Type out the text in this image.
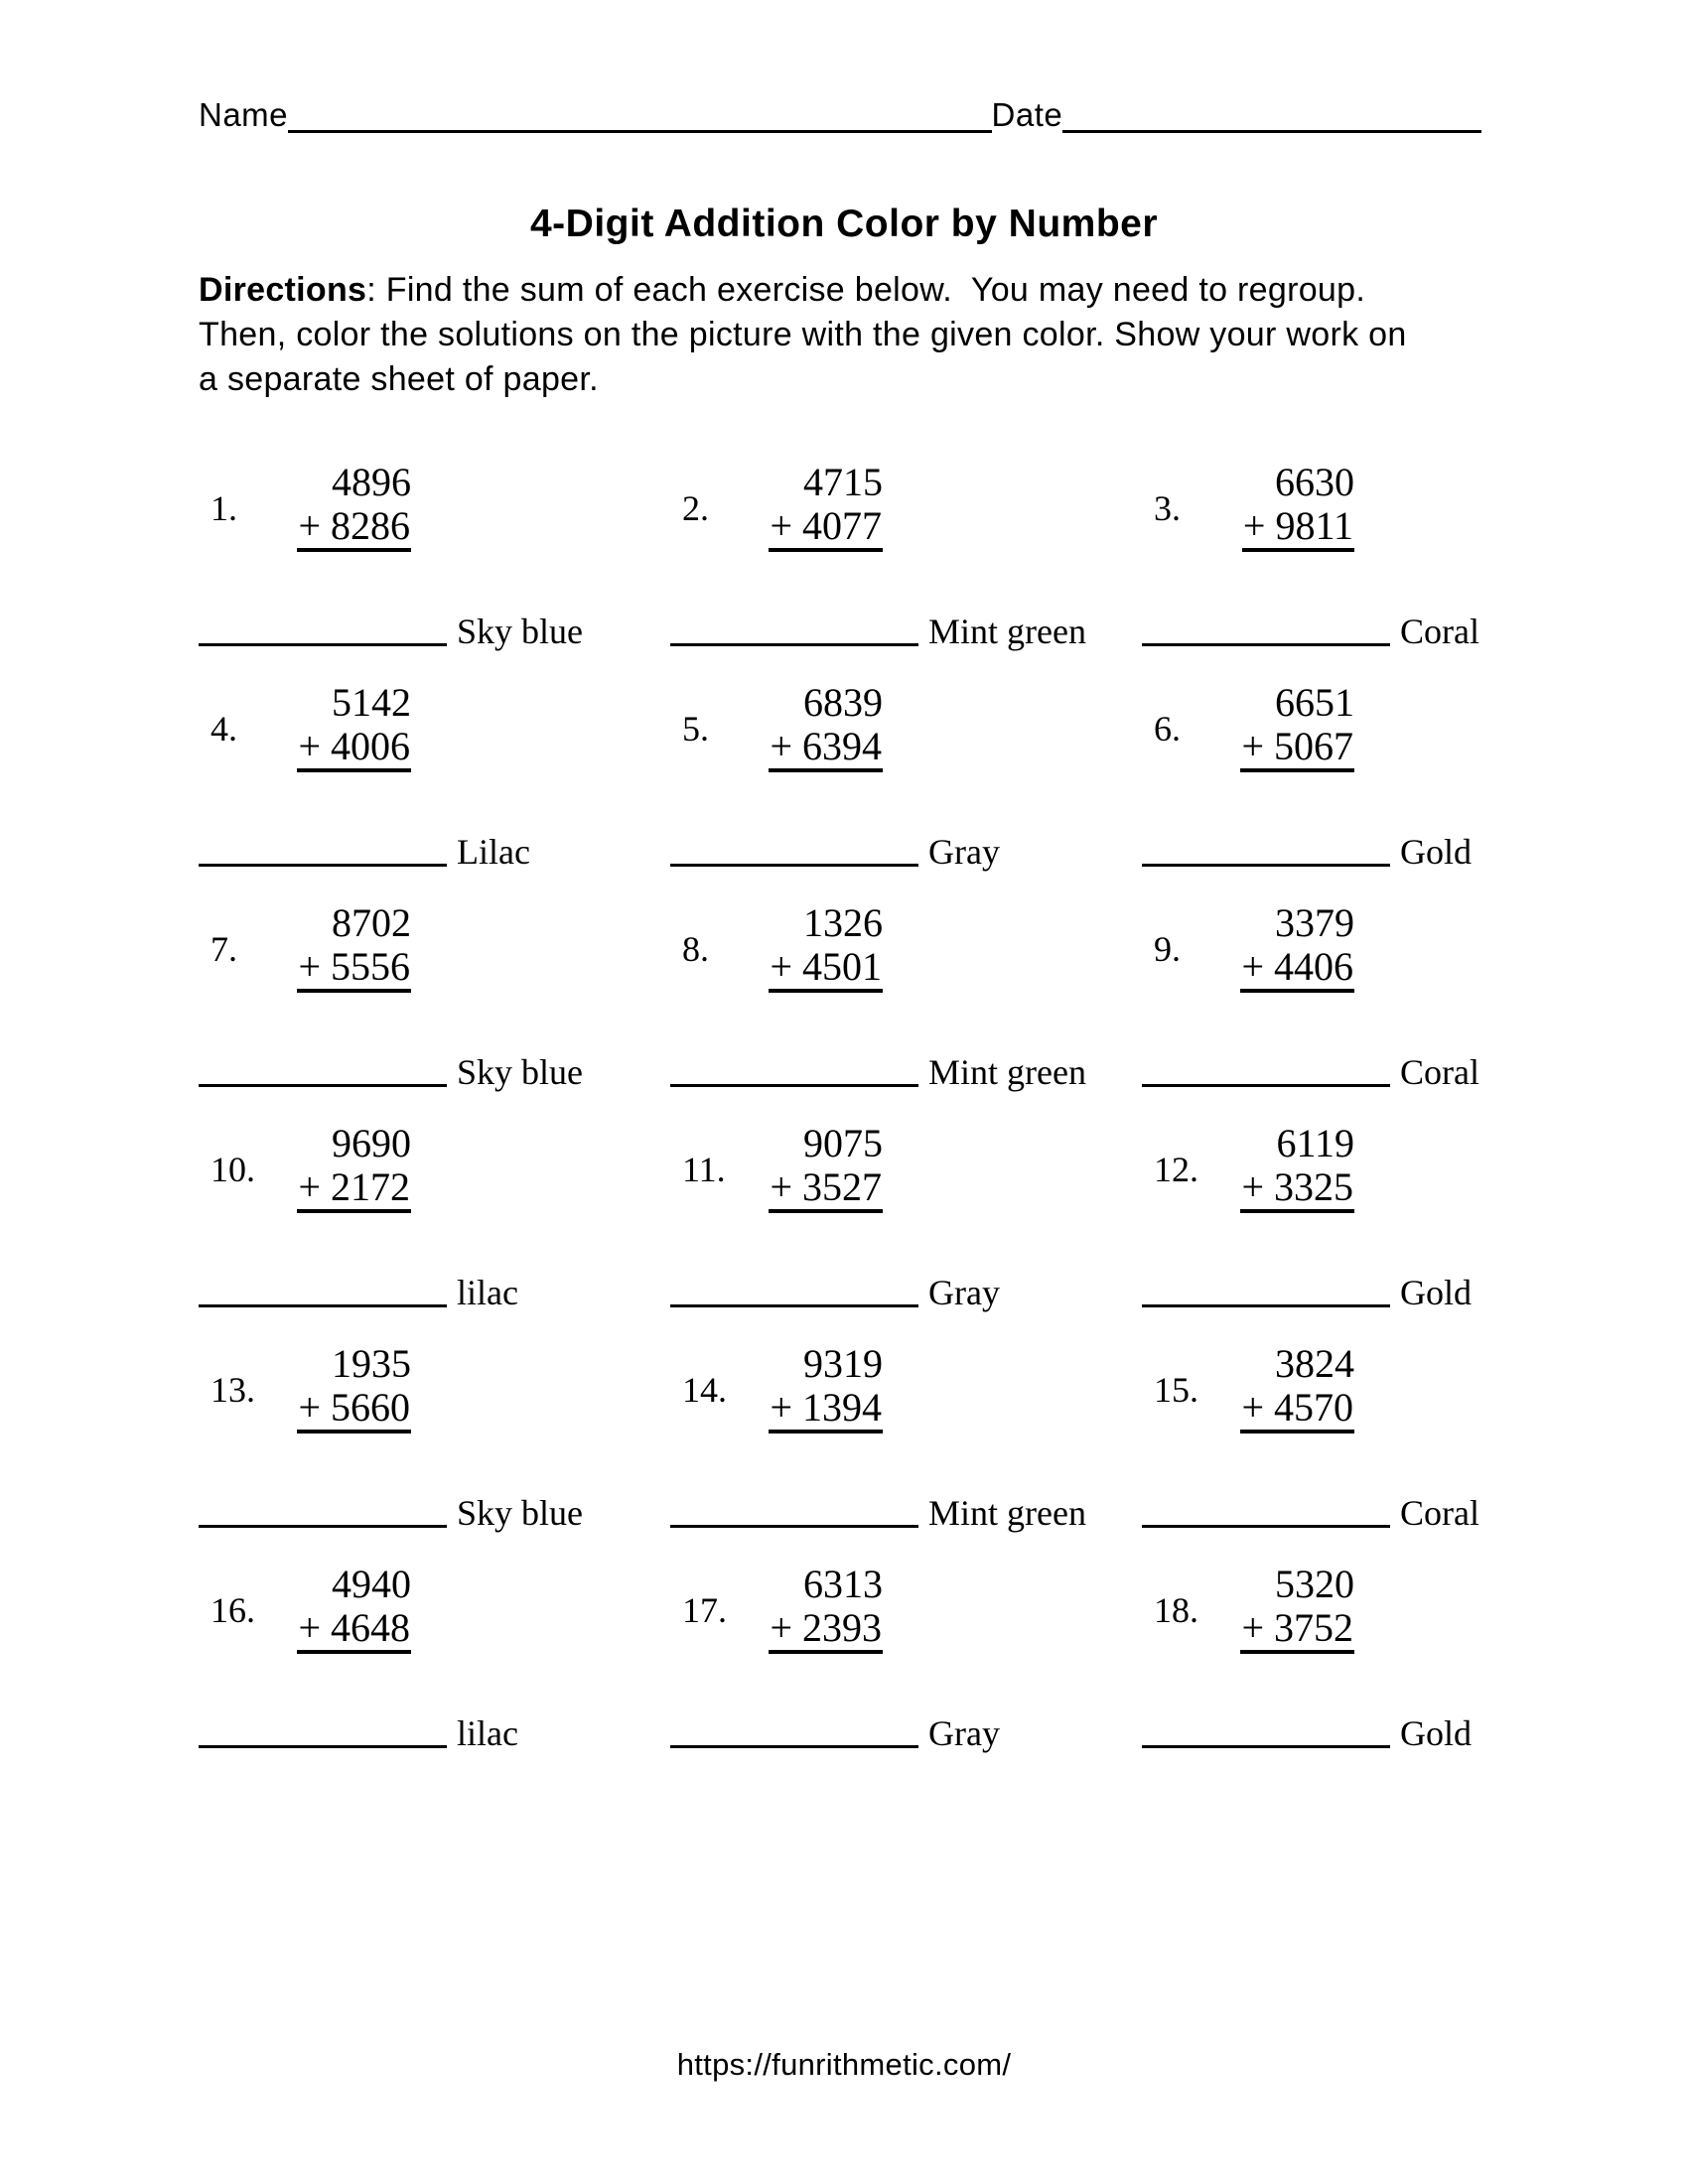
Name	Date
4-Digit Addition Color by Number

Directions: Find the sum of each exercise below.  You may need to regroup.
Then, color the solutions on the picture with the given color. Show your work on
a separate sheet of paper.

1.
4896
+ 8286
Sky blue
2.
4715
+ 4077
Mint green
3.
6630
+ 9811
Coral
4.
5142
+ 4006
Lilac
5.
6839
+ 6394
Gray
6.
6651
+ 5067
Gold
7.
8702
+ 5556
Sky blue
8.
1326
+ 4501
Mint green
9.
3379
+ 4406
Coral
10.
9690
+ 2172
lilac
11.
9075
+ 3527
Gray
12.
6119
+ 3325
Gold
13.
1935
+ 5660
Sky blue
14.
9319
+ 1394
Mint green
15.
3824
+ 4570
Coral
16.
4940
+ 4648
lilac
17.
6313
+ 2393
Gray
18.
5320
+ 3752
Gold
https://funrithmetic.com/
